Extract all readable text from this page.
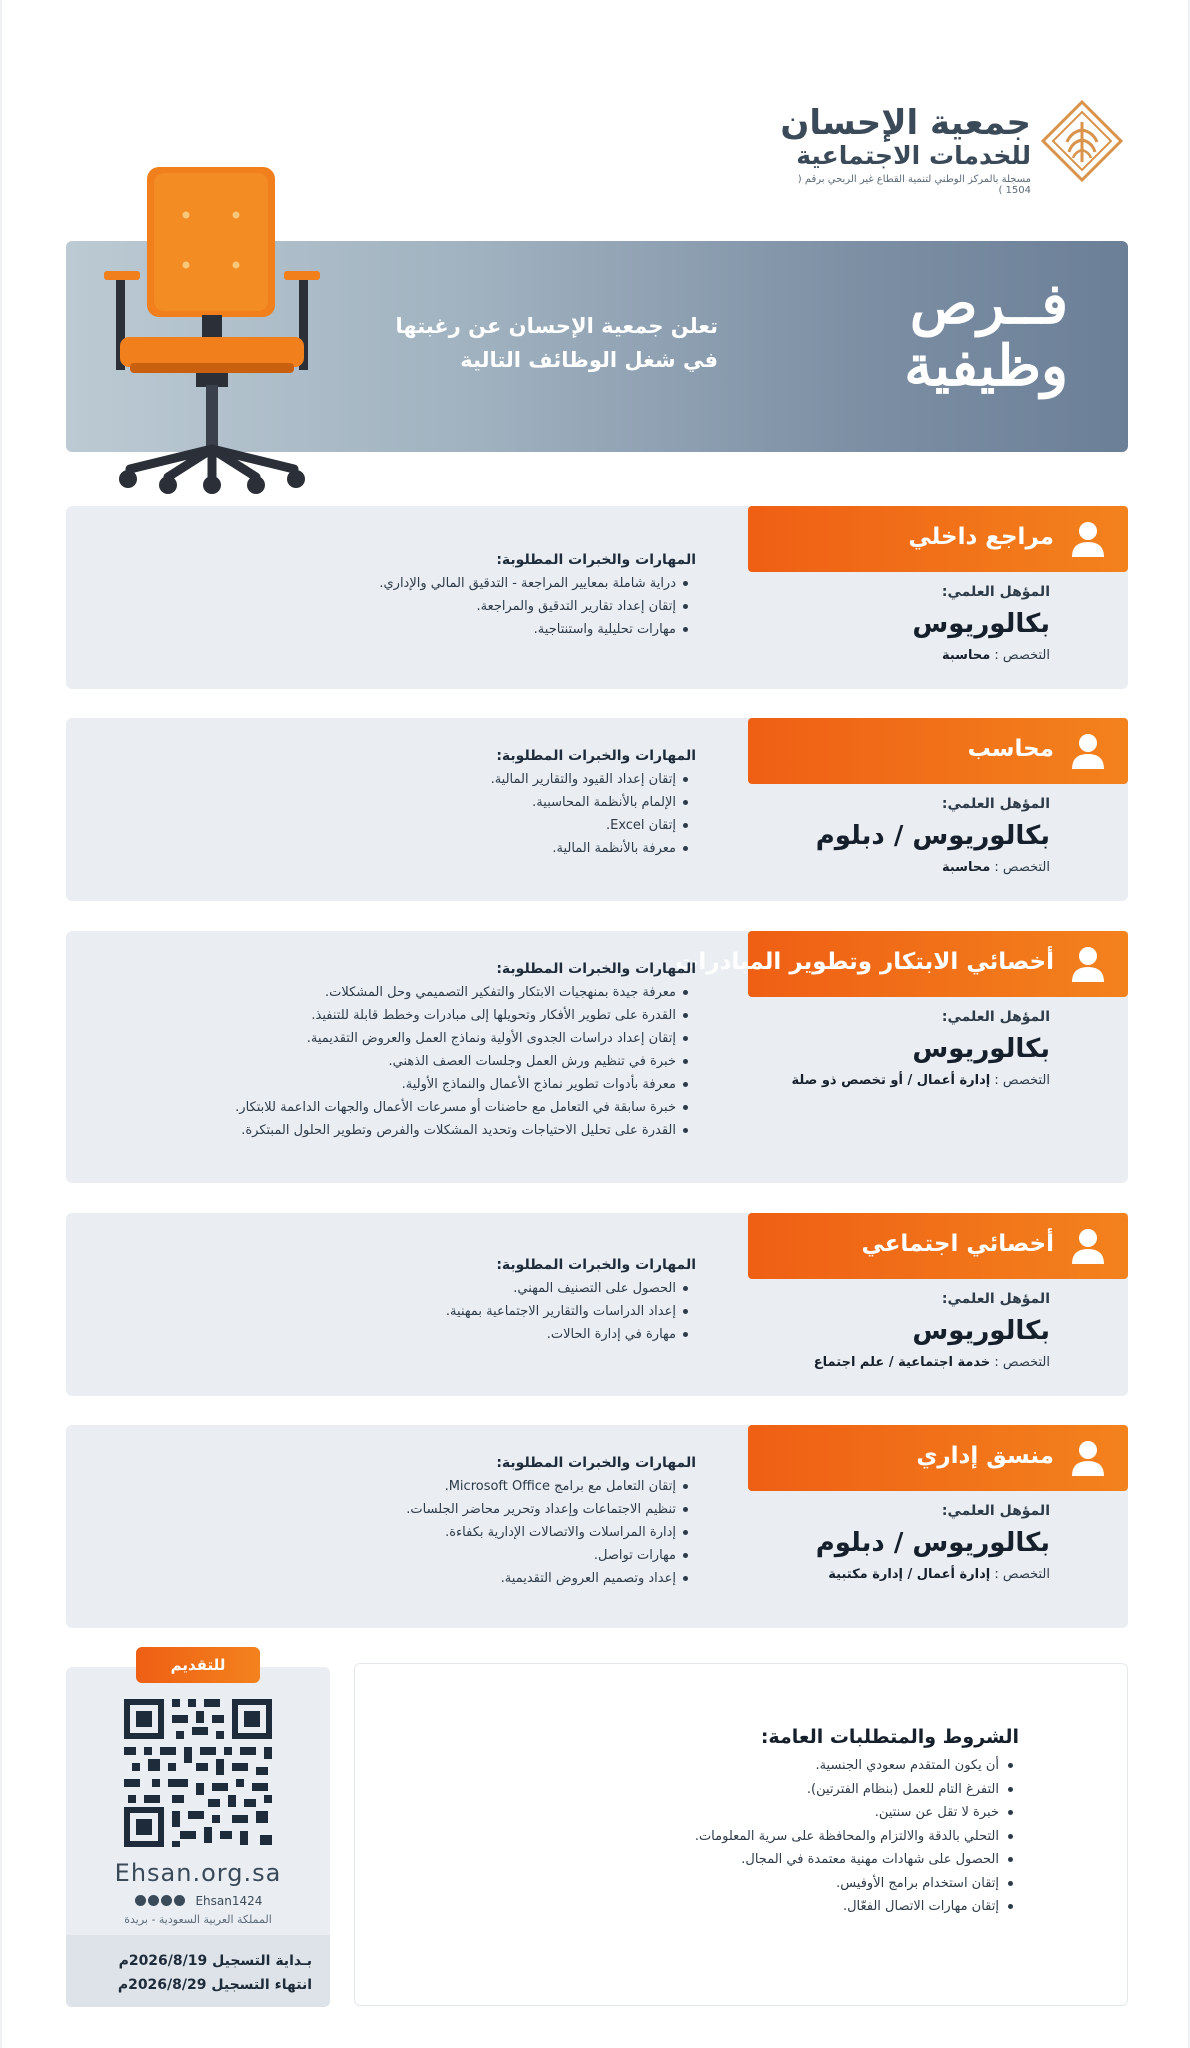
جمعية الإحسان
للخدمات الاجتماعية
مسجلة بالمركز الوطني لتنمية القطاع غير الربحي برقم ( 1504 )
فــرص
وظيفية
تعلن جمعية الإحسان عن رغبتها
في شغل الوظائف التالية
مراجع داخلي
المؤهل العلمي:
بكالوريوس
التخصص : محاسبة
المهارات والخبرات المطلوبة:
دراية شاملة بمعايير المراجعة - التدقيق المالي والإداري.
إتقان إعداد تقارير التدقيق والمراجعة.
مهارات تحليلية واستنتاجية.
محاسب
المؤهل العلمي:
بكالوريوس / دبلوم
التخصص : محاسبة
المهارات والخبرات المطلوبة:
إتقان إعداد القيود والتقارير المالية.
الإلمام بالأنظمة المحاسبية.
إتقان Excel.
معرفة بالأنظمة المالية.
أخصائي الابتكار وتطوير المبادرات
المؤهل العلمي:
بكالوريوس
التخصص : إدارة أعمال / أو تخصص ذو صلة
المهارات والخبرات المطلوبة:
معرفة جيدة بمنهجيات الابتكار والتفكير التصميمي وحل المشكلات.
القدرة على تطوير الأفكار وتحويلها إلى مبادرات وخطط قابلة للتنفيذ.
إتقان إعداد دراسات الجدوى الأولية ونماذج العمل والعروض التقديمية.
خبرة في تنظيم ورش العمل وجلسات العصف الذهني.
معرفة بأدوات تطوير نماذج الأعمال والنماذج الأولية.
خبرة سابقة في التعامل مع حاضنات أو مسرعات الأعمال والجهات الداعمة للابتكار.
القدرة على تحليل الاحتياجات وتحديد المشكلات والفرص وتطوير الحلول المبتكرة.
أخصائي اجتماعي
المؤهل العلمي:
بكالوريوس
التخصص : خدمة اجتماعية / علم اجتماع
المهارات والخبرات المطلوبة:
الحصول على التصنيف المهني.
إعداد الدراسات والتقارير الاجتماعية بمهنية.
مهارة في إدارة الحالات.
منسق إداري
المؤهل العلمي:
بكالوريوس / دبلوم
التخصص : إدارة أعمال / إدارة مكتبية
المهارات والخبرات المطلوبة:
إتقان التعامل مع برامج Microsoft Office.
تنظيم الاجتماعات وإعداد وتحرير محاضر الجلسات.
إدارة المراسلات والاتصالات الإدارية بكفاءة.
مهارات تواصل.
إعداد وتصميم العروض التقديمية.
للتقديم
Ehsan.org.sa
Ehsan1424
المملكة العربية السعودية - بريدة
بـداية التسجيل 2026/8/19م
انتهاء التسجيل 2026/8/29م
الشروط والمتطلبات العامة:
أن يكون المتقدم سعودي الجنسية.
التفرغ التام للعمل (بنظام الفترتين).
خبرة لا تقل عن سنتين.
التحلي بالدقة والالتزام والمحافظة على سرية المعلومات.
الحصول على شهادات مهنية معتمدة في المجال.
إتقان استخدام برامج الأوفيس.
إتقان مهارات الاتصال الفعّال.
